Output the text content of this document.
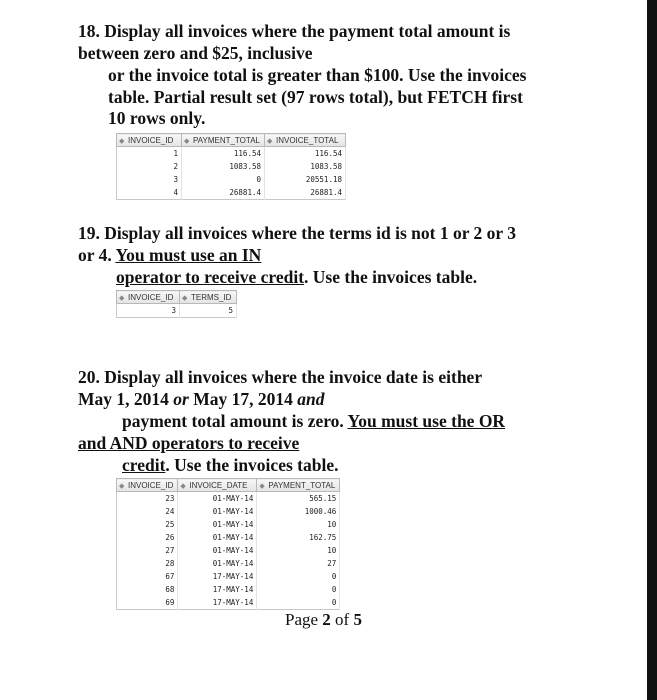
18. Display all invoices where the payment total amount is
between zero and $25, inclusive
or the invoice total is greater than $100. Use the invoices
table. Partial result set (97 rows total), but FETCH first
10 rows only.
◆ INVOICE_ID	◆ PAYMENT_TOTAL	◆ INVOICE_TOTAL
1	116.54	116.54
2	1083.58	1083.58
3	0	20551.18
4	26881.4	26881.4
19. Display all invoices where the terms id is not 1 or 2 or 3
or 4. You must use an IN
operator to receive credit. Use the invoices table.
◆ INVOICE_ID	◆ TERMS_ID
3	5
20. Display all invoices where the invoice date is either
May 1, 2014 or May 17, 2014 and
payment total amount is zero. You must use the OR
and AND operators to receive
credit. Use the invoices table.
◆ INVOICE_ID	◆ INVOICE_DATE	◆ PAYMENT_TOTAL
23	01-MAY-14	565.15
24	01-MAY-14	1000.46
25	01-MAY-14	10
26	01-MAY-14	162.75
27	01-MAY-14	10
28	01-MAY-14	27
67	17-MAY-14	0
68	17-MAY-14	0
69	17-MAY-14	0
Page 2 of 5
